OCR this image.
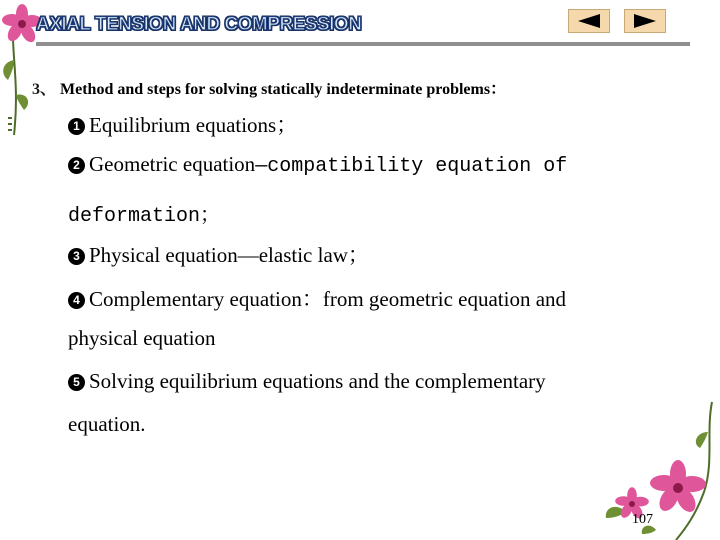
AXIAL TENSION AND COMPRESSION
3、 Method and steps for solving statically indeterminate problems：
1 Equilibrium equations；
2 Geometric equation—compatibility equation of
deformation；
3 Physical equation—elastic law；
4 Complementary equation：from geometric equation and
physical equation
5 Solving equilibrium equations and the complementary
equation.
107
